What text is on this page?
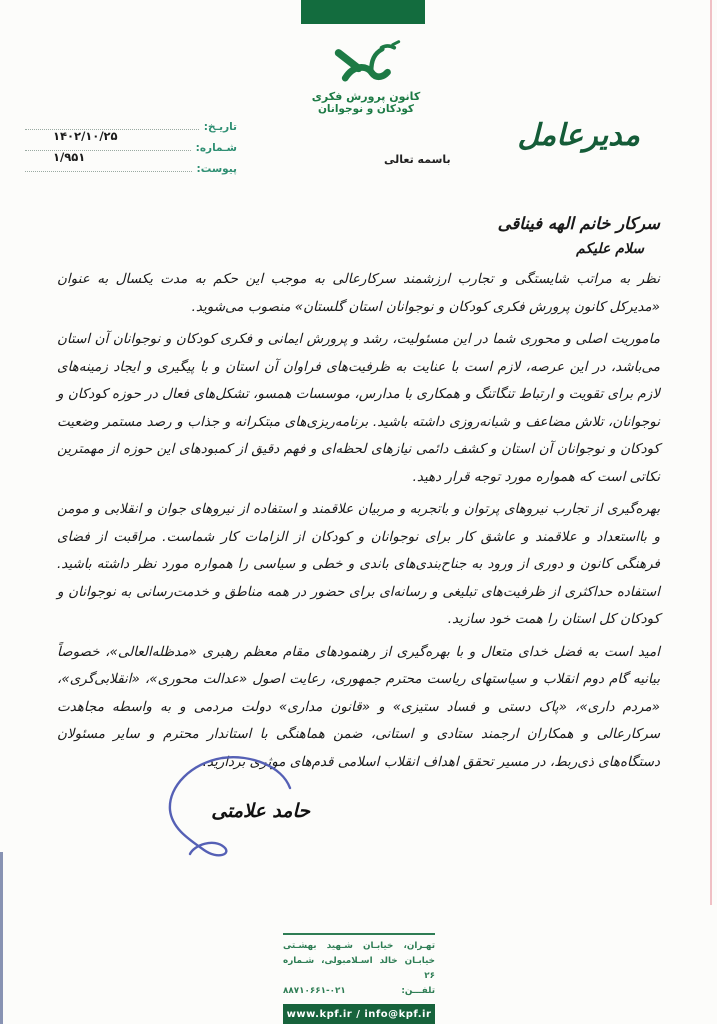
کانون پرورش فکری
کودکان و نوجوانان
مدیرعامل
باسمه تعالی
تاریـخ:
شـماره:
پیوست:
۱۴۰۲/۱۰/۲۵
۱/۹۵۱
سرکار خانم الهه فیناقی
سلام علیکم

نظر به مراتب شایستگی و تجارب ارزشمند سرکارعالی به موجب این حکم به مدت یکسال به عنوان «مدیرکل کانون پرورش فکری کودکان و نوجوانان استان گلستان» منصوب می‌شوید.

ماموریت اصلی و محوری شما در این مسئولیت، رشد و پرورش ایمانی و فکری کودکان و نوجوانان آن استان می‌باشد، در این عرصه، لازم است با عنایت به ظرفیت‌های فراوان آن استان و با پیگیری و ایجاد زمینه‌های لازم برای تقویت و ارتباط تنگاتنگ و همکاری با مدارس، موسسات همسو، تشکل‌های فعال در حوزه کودکان و نوجوانان، تلاش مضاعف و شبانه‌روزی داشته باشید. برنامه‌ریزی‌های مبتکرانه و جذاب و رصد مستمر وضعیت کودکان و نوجوانان آن استان و کشف دائمی نیازهای لحظه‌ای و فهم دقیق از کمبودهای این حوزه از مهمترین نکاتی است که همواره مورد توجه قرار دهید.

بهره‌گیری از تجارب نیروهای پرتوان و باتجربه و مربیان علاقمند و استفاده از نیروهای جوان و انقلابی و مومن و بااستعداد و علاقمند و عاشق کار برای نوجوانان و کودکان از الزامات کار شماست. مراقبت از فضای فرهنگی کانون و دوری از ورود به جناح‌بندی‌های باندی و خطی و سیاسی را همواره مورد نظر داشته باشید. استفاده حداکثری از ظرفیت‌های تبلیغی و رسانه‌ای برای حضور در همه مناطق و خدمت‌رسانی به نوجوانان و کودکان کل استان را همت خود سازید.

امید است به فضل خدای متعال و با بهره‌گیری از رهنمودهای مقام معظم رهبری «مدظله‌العالی»، خصوصاً بیانیه گام دوم انقلاب و سیاستهای ریاست محترم جمهوری، رعایت اصول «عدالت محوری»، «انقلابی‌گری»، «مردم داری»، «پاک دستی و فساد ستیزی» و «قانون مداری» دولت مردمی و به واسطه مجاهدت سرکارعالی و همکاران ارجمند ستادی و استانی، ضمن هماهنگی با استاندار محترم و سایر مسئولان دستگاه‌های ذی‌ربط، در مسیر تحقق اهداف انقلاب اسلامی قدم‌های موثری بردارید.

حامد علامتی
تهـران، خیابـان شـهید بهشـتی
خیابـان خالد اسـلامبولی، شـماره ۲۶
تلفـــن: ۰۲۱-۸۸۷۱۰۶۶۱
www.kpf.ir / info@kpf.ir
